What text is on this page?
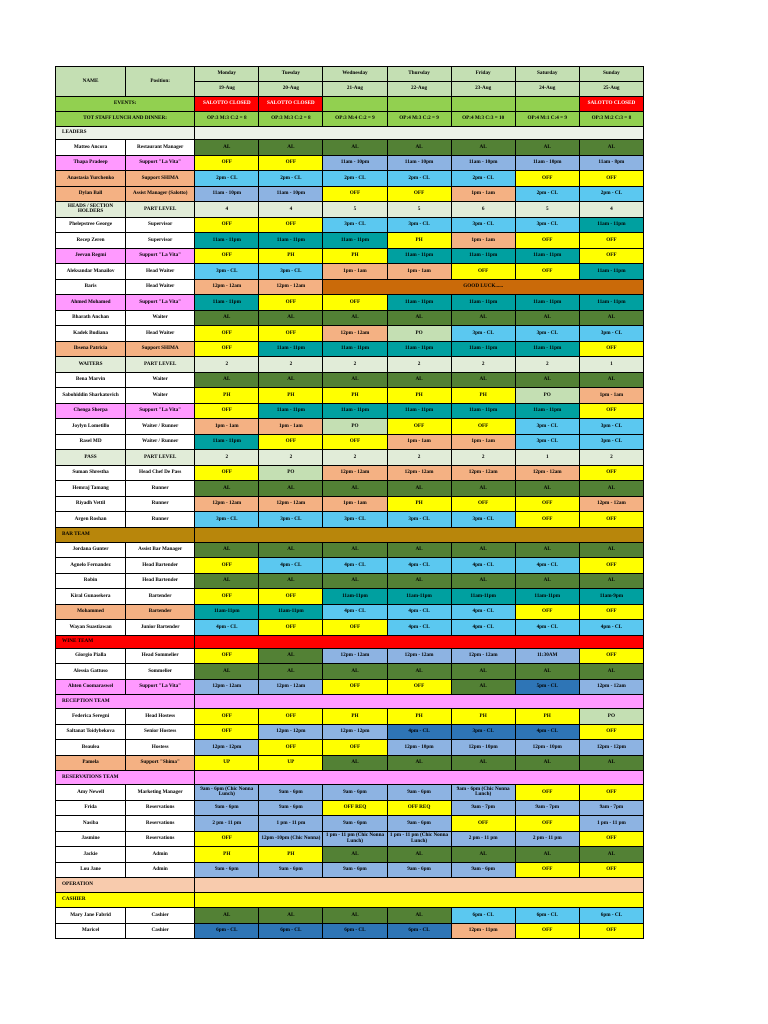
NAME	Position:	Monday	Tuesday	Wednesday	Thursday	Friday	Saturday	Sunday
		19-Aug	20-Aug	21-Aug	22-Aug	23-Aug	24-Aug	25-Aug
EVENTS:		SALOTTO CLOSED	SALOTTO CLOSED					SALOTTO CLOSED
TOT STAFF LUNCH AND DINNER:		OP:3 M:3 C:2 = 8	OP:3 M:3 C:2 = 8	OP:3 M:4 C:2 = 9	OP:4 M:3 C:2 = 9	OP:4 M:3 C:3 = 10	OP:4 M:1 C:4 = 9	OP:3 M:2 C:3 = 8
LEADERS								
Matteo Ancora	Restaurant Manager	AL	AL	AL	AL	AL	AL	AL
Thapa Pradeep	Support "La Vita"	OFF	OFF	11am - 10pm	11am - 10pm	11am - 10pm	11am - 10pm	11am - 8pm
Anastasia Yurchenko	Support SHIMA	2pm - CL	2pm - CL	2pm - CL	2pm - CL	2pm - CL	OFF	OFF
Dylan Ball	Assist Manager (Salotto)	11am - 10pm	11am - 10pm	OFF	OFF	1pm - 1am	2pm - CL	2pm - CL
HEADS / SECTION HOLDERS	PART LEVEL	4	4	5	5	6	5	4
Phelepstree George	Supervisor	OFF	OFF	3pm - CL	3pm - CL	3pm - CL	3pm - CL	11am - 11pm
Recep Zeren	Supervisor	11am - 11pm	11am - 11pm	11am - 11pm	PH	1pm - 1am	OFF	OFF
Jeevan Regmi	Support "La Vita"	OFF	PH	PH	11am - 11pm	11am - 11pm	11am - 11pm	OFF
Aleksandar Manailov	Head Waiter	3pm - CL	3pm - CL	1pm - 1am	1pm - 1am	OFF	OFF	11am - 11pm
Baris	Head Waiter	12pm - 12am	12pm - 12am	GOOD LUCK......				
Ahmed Mohamed	Support "La Vita"	11am - 11pm	OFF	OFF	11am - 11pm	11am - 11pm	11am - 11pm	11am - 11pm
Bharath Anchan	Waiter	AL	AL	AL	AL	AL	AL	AL
Kadek Budiana	Head Waiter	OFF	OFF	12pm - 12am	PO	3pm - CL	3pm - CL	3pm - CL
Ibsena Patricia	Support SHIMA	OFF	11am - 11pm	11am - 11pm	11am - 11pm	11am - 11pm	11am - 11pm	OFF
WAITERS	PART LEVEL	2	2	2	2	2	2	1
Bena Marvin	Waiter	AL	AL	AL	AL	AL	AL	AL
Sabohiddin Sharkatovich	Waiter	PH	PH	PH	PH	PH	PO	1pm - 1am
Chenga Sherpa	Support "La Vita"	OFF	11am - 11pm	11am - 11pm	11am - 11pm	11am - 11pm	11am - 11pm	OFF
Joylyn Lometillo	Waiter / Runner	1pm - 1am	1pm - 1am	PO	OFF	OFF	3pm - CL	3pm - CL
Rasel MD	Waiter / Runner	11am - 11pm	OFF	OFF	1pm - 1am	1pm - 1am	3pm - CL	3pm - CL
PASS	PART LEVEL	2	2	2	2	2	1	2
Suman Shrestha	Head Chef De Pass	OFF	PO	12pm - 12am	12pm - 12am	12pm - 12am	12pm - 12am	OFF
Hemraj Tamang	Runner	AL	AL	AL	AL	AL	AL	AL
Riyadh Vettil	Runner	12pm - 12am	12pm - 12am	1pm - 1am	PH	OFF	OFF	12pm - 12am
Argen Roshan	Runner	3pm - CL	3pm - CL	3pm - CL	3pm - CL	3pm - CL	OFF	OFF
BAR TEAM								
Jordana Gunter	Assist Bar Manager	AL	AL	AL	AL	AL	AL	AL
Agnelo Fernandez	Head Bartender	OFF	4pm - CL	4pm - CL	4pm - CL	4pm - CL	4pm - CL	OFF
Robin	Head Bartender	AL	AL	AL	AL	AL	AL	AL
Kiral Gunasekera	Bartender	OFF	OFF	11am-11pm	11am-11pm	11am-11pm	11am-11pm	11am-9pm
Mohammed	Bartender	11am-11pm	11am-11pm	4pm - CL	4pm - CL	4pm - CL	OFF	OFF
Wayan Suastiawan	Junior Bartender	4pm - CL	OFF	OFF	4pm - CL	4pm - CL	4pm - CL	4pm - CL
WINE TEAM								
Giorgio Pialla	Head Sommelier	OFF	AL	12pm - 12am	12pm - 12am	12pm - 12am	11:30AM	OFF
Alessia Gattuso	Sommelier	AL	AL	AL	AL	AL	AL	AL
Ahten Coomaraswel	Support "La Vita"	12pm - 12am	12pm - 12am	OFF	OFF	AL	5pm - CL	12pm - 12am
RECEPTION TEAM								
Federica Seregni	Head Hostess	OFF	OFF	PH	PH	PH	PH	PO
Saltanat Toidybekova	Senior Hostess	OFF	12pm - 12pm	12pm - 12pm	4pm - CL	3pm - CL	4pm - CL	OFF
Beaulea	Hostess	12pm - 12pm	OFF	OFF	12pm - 10pm	12pm - 10pm	12pm - 10pm	12pm - 12pm
Pamela	Support "Shima"	UP	UP	AL	AL	AL	AL	AL
RESERVATIONS TEAM								
Amy Newell	Marketing Manager	9am - 6pm (Chic Nonna Lunch)	9am - 6pm	9am - 6pm	9am - 6pm	9am - 6pm (Chic Nonna Lunch)	OFF	OFF
Frida	Reservations	9am - 6pm	9am - 6pm	OFF REQ	OFF REQ	9am - 7pm	9am - 7pm	9am - 7pm
Nasiba	Reservations	2 pm - 11 pm	1 pm - 11 pm	9am - 6pm	9am - 6pm	OFF	OFF	1 pm - 11 pm
Jasmine	Reservations	OFF	12pm -10pm (Chic Nonna)	1 pm - 11 pm (Chic Nonna Lunch)	1 pm - 11 pm (Chic Nonna Lunch)	2 pm - 11 pm	2 pm - 11 pm	OFF
Jackie	Admin	PH	PH	AL	AL	AL	AL	AL
Lou Jane	Admin	9am - 6pm	9am - 6pm	9am - 6pm	9am - 6pm	9am - 6pm	OFF	OFF
OPERATION								
CASHIER								
Mary Jane Fabrid	Cashier	AL	AL	AL	AL	6pm - CL	6pm - CL	6pm - CL
Maricel	Cashier	6pm - CL	6pm - CL	6pm - CL	6pm - CL	12pm - 11pm	OFF	OFF
